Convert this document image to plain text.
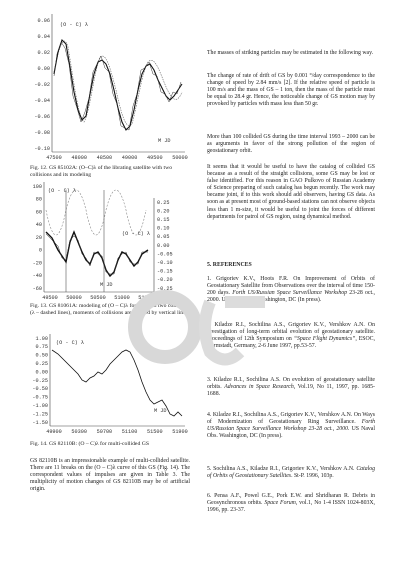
0.06
0.04
0.02
0.00
-0.02
-0.04
-0.06
-0.08
-0.10
47500 48000 48500 49000 49500 50000
(O - C) λ
M JD
Fig. 12. GS 85102A: (O–C)λ of the librating satellite with two collisions and its modeling
100
80
60
40
20
0
-20
-40
-60
0.25
0.20
0.15
0.10
0.05
0.00
-0.05
-0.10
-0.15
-0.20
-0.25
49500 50000 50500 51000 51500
(O - C) λ
(O - C) λ
M JD
Fig. 13. GS 81061A: modeling of (O – C)λ for GS with two collisions (λ – dashed lines), moments of collisions are marked by vertical lines
1.00
0.75
0.50
0.25
0.00
-0.25
-0.50
-0.75
-1.00
-1.25
-1.50
49900 50300 50700 51100 51500 51900
(O - C) λ
M JD
Fig. 14. GS 82110B: (O – C)λ for multi-collided GS
GS 82110B is an impressionable example of multi-collided satellite. There are 11 breaks on the (O – C)λ curve of this GS (Fig. 14). The correspondent values of impulses are given in Table 3. The multiplicity of motion changes of GS 82110B may be of artificial origin.

The masses of striking particles may be estimated in the following way.

The change of rate of drift of GS by 0.001 °/day correspondence to the change of speed by 2.84 mm/s [2]. If the relative speed of particle is 100 m/s and the mass of GS – 1 ton, then the mass of the particle must be equal to 28.4 gr. Hence, the noticeable change of GS motion may by provoked by particles with mass less than 50 gr.

More than 100 collided GS during the time interval 1993 – 2000 can be as arguments in favor of the strong pollution of the region of geostationary orbit.

It seems that it would be useful to have the catalog of collided GS because as a result of the straight collisions, some GS may be lost or false identified. For this reason in GAO Pulkovo of Russian Academy of Science preparing of such catalog has begun recently. The work may became joint, if to this work should add observers, having GS data. As soon as at present most of ground-based stations can not observe objects less than 1 m-size, it would be useful to joint the forces of different departments for patrol of GS region, using dynamical method.

5. REFERENCES

1. Grigoriev K.V., Hoots F.R. On Improvement of Orbits of Geostationary Satellite from Observations over the interval of time 150-200 days. Forth US/Russian Space Surveillance Workshop 23-28 oct., 2000. US Naval Obs. Washington, DC (In press).

2. Kiladze R.I., Sochilina A.S., Grigoriev K.V., Vershkov A.N. On investigation of long-term orbital evolution of geostationary satellite. Proceedings of 12th Symposium on “Space Flight Dynamics”, ESOC, Darmstadt, Germany, 2-6 June 1997, pp.53-57.

3. Kiladze R.I., Sochilina A.S. On evolution of geostationary satellite orbits. Advances in Space Research, Vol.19, No 11, 1997, pp. 1685-1688.

4. Kiladze R.I., Sochilina A.S., Grigoriev K.V., Vershkov A.N. On Ways of Modernization of Geostationary Ring Surveillance. Forth US/Russian Space Surveillance Workshop 23-28 oct., 2000. US Naval Obs. Washington, DC (In press).

5. Sochilina A.S., Kiladze R.I., Grigoriev K.V., Vershkov A.N. Catalog of Orbits of Geostationary Satellites. St-P. 1996, 103p.

6. Pensa A.F., Powel G.E., Pork E.W. and Shridharan R. Debris in Geosynchronous orbits. Space Forum, vol.1, No 1-4 ISSN 1024-803X, 1996, pp. 23-37.
